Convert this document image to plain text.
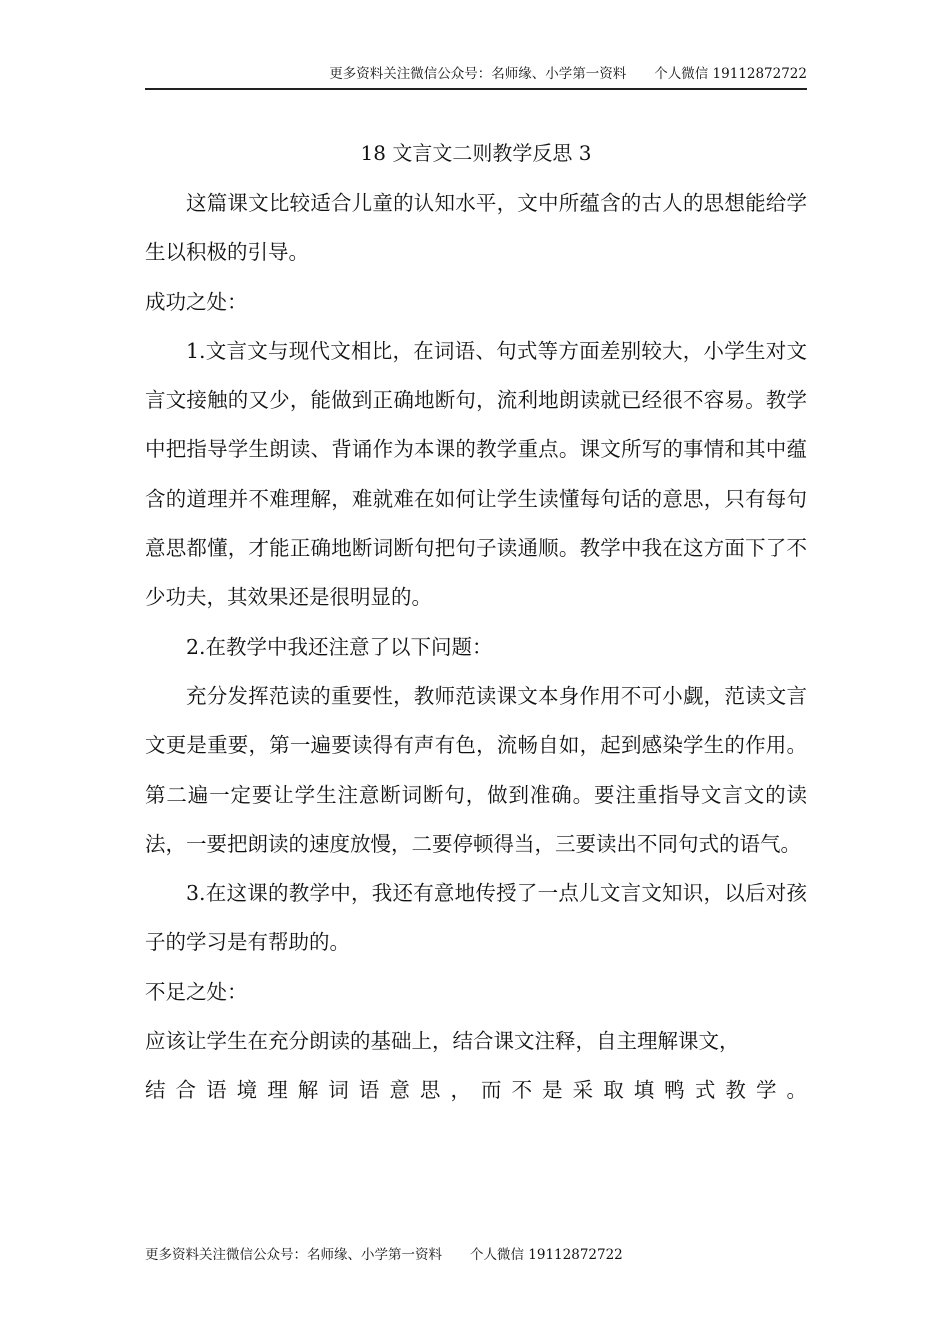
更多资料关注微信公众号：名师缘、小学第一资料 个人微信 19112872722
18 文言文二则教学反思 3

这篇课文比较适合儿童的认知水平，文中所蕴含的古人的思想能给学生以积极的引导。

成功之处：

1.文言文与现代文相比，在词语、句式等方面差别较大，小学生对文言文接触的又少，能做到正确地断句，流利地朗读就已经很不容易。教学中把指导学生朗读、背诵作为本课的教学重点。课文所写的事情和其中蕴含的道理并不难理解，难就难在如何让学生读懂每句话的意思，只有每句意思都懂，才能正确地断词断句把句子读通顺。教学中我在这方面下了不少功夫，其效果还是很明显的。

2.在教学中我还注意了以下问题：

充分发挥范读的重要性，教师范读课文本身作用不可小觑，范读文言文更是重要，第一遍要读得有声有色，流畅自如，起到感染学生的作用。第二遍一定要让学生注意断词断句，做到准确。要注重指导文言文的读法，一要把朗读的速度放慢，二要停顿得当，三要读出不同句式的语气。

3.在这课的教学中，我还有意地传授了一点儿文言文知识，以后对孩子的学习是有帮助的。

不足之处：

应该让学生在充分朗读的基础上，结合课文注释，自主理解课文，

结合语境理解词语意思，而不是采取填鸭式教学。

更多资料关注微信公众号：名师缘、小学第一资料 个人微信 19112872722
